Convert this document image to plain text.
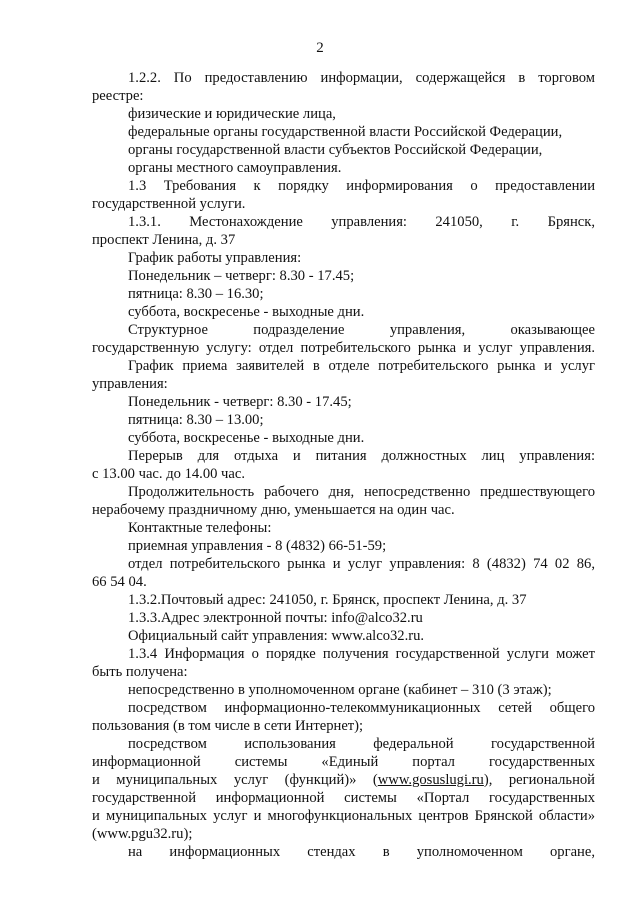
2
1.2.2. По предоставлению информации, содержащейся в торговом
реестре:
физические и юридические лица,
федеральные органы государственной власти Российской Федерации,
органы государственной власти субъектов Российской Федерации,
органы местного самоуправления.
1.3 Требования к порядку информирования о предоставлении
государственной услуги.
1.3.1. Местонахождение управления: 241050, г. Брянск,
проспект Ленина, д. 37
График работы управления:
Понедельник – четверг: 8.30 - 17.45;
пятница: 8.30 – 16.30;
суббота, воскресенье - выходные дни.
Структурное подразделение управления, оказывающее
государственную услугу: отдел потребительского рынка и услуг управления.
График приема заявителей в отделе потребительского рынка и услуг
управления:
Понедельник - четверг: 8.30 - 17.45;
пятница: 8.30 – 13.00;
суббота, воскресенье - выходные дни.
Перерыв для отдыха и питания должностных лиц управления:
с 13.00 час. до 14.00 час.
Продолжительность рабочего дня, непосредственно предшествующего
нерабочему праздничному дню, уменьшается на один час.
Контактные телефоны:
приемная управления - 8 (4832) 66-51-59;
отдел потребительского рынка и услуг управления: 8 (4832) 74 02 86,
66 54 04.
1.3.2.Почтовый адрес: 241050, г. Брянск, проспект Ленина, д. 37
1.3.3.Адрес электронной почты: info@alco32.ru
Официальный сайт управления: www.alco32.ru.
1.3.4 Информация о порядке получения государственной услуги может
быть получена:
непосредственно в уполномоченном органе (кабинет – 310 (3 этаж);
посредством информационно-телекоммуникационных сетей общего
пользования (в том числе в сети Интернет);
посредством использования федеральной государственной
информационной системы «Единый портал государственных
и муниципальных услуг (функций)» (www.gosuslugi.ru), региональной
государственной информационной системы «Портал государственных
и муниципальных услуг и многофункциональных центров Брянской области»
(www.pgu32.ru);
на информационных стендах в уполномоченном органе,
